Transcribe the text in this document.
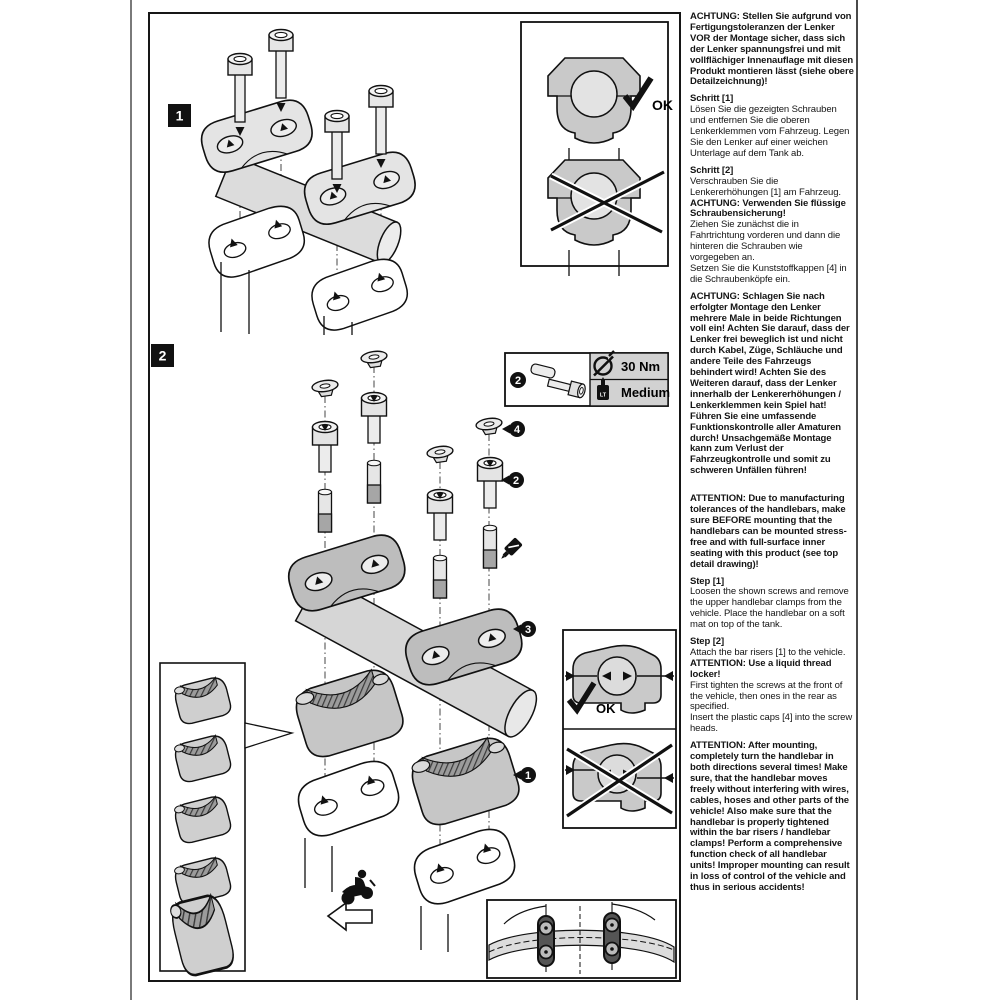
1
OK
2
30 Nm
LT Medium
4
2
3
1
2
OK

ACHTUNG: Stellen Sie aufgrund von Fertigungstoleranzen der Lenker VOR der Montage sicher, dass sich der Lenker spannungsfrei und mit vollflächiger Innenauflage mit diesen Produkt montieren lässt (siehe obere Detailzeichnung)!

Schritt [1]

Lösen Sie die gezeigten Schrauben und entfernen Sie die oberen Lenkerklemmen vom Fahrzeug. Legen Sie den Lenker auf einer weichen Unterlage auf dem Tank ab.

Schritt [2]

Verschrauben Sie die Lenkererhöhungen [1] am Fahrzeug.

ACHTUNG: Verwenden Sie flüssige Schraubensicherung!

Ziehen Sie zunächst die in Fahrtrichtung vorderen und dann die hinteren die Schrauben wie vorgegeben an.

Setzen Sie die Kunststoffkappen [4] in die Schraubenköpfe ein.

ACHTUNG: Schlagen Sie nach erfolgter Montage den Lenker mehrere Male in beide Richtungen voll ein! Achten Sie darauf, dass der Lenker frei beweglich ist und nicht durch Kabel, Züge, Schläuche und andere Teile des Fahrzeugs behindert wird! Achten Sie des Weiteren darauf, dass der Lenker innerhalb der Lenkererhöhungen / Lenkerklemmen kein Spiel hat! Führen Sie eine umfassende Funktionskontrolle aller Amaturen durch! Unsachgemäße Montage kann zum Verlust der Fahrzeugkontrolle und somit zu schweren Unfällen führen!

ATTENTION: Due to manufacturing tolerances of the handlebars, make sure BEFORE mounting that the handlebars can be mounted stress-free and with full-surface inner seating with this product (see top detail drawing)!

Step [1]

Loosen the shown screws and remove the upper handlebar clamps from the vehicle. Place the handlebar on a soft mat on top of the tank.

Step [2]

Attach the bar risers [1] to the vehicle.

ATTENTION: Use a liquid thread locker!

First tighten the screws at the front of the vehicle, then ones in the rear as specified.

Insert the plastic caps [4] into the screw heads.

ATTENTION: After mounting, completely turn the handlebar in both directions several times! Make sure, that the handlebar moves freely without interfering with wires, cables, hoses and other parts of the vehicle! Also make sure that the handlebar is properly tightened within the bar risers / handlebar clamps! Perform a comprehensive function check of all handlebar units! Improper mounting can result in loss of control of the vehicle and thus in serious accidents!
